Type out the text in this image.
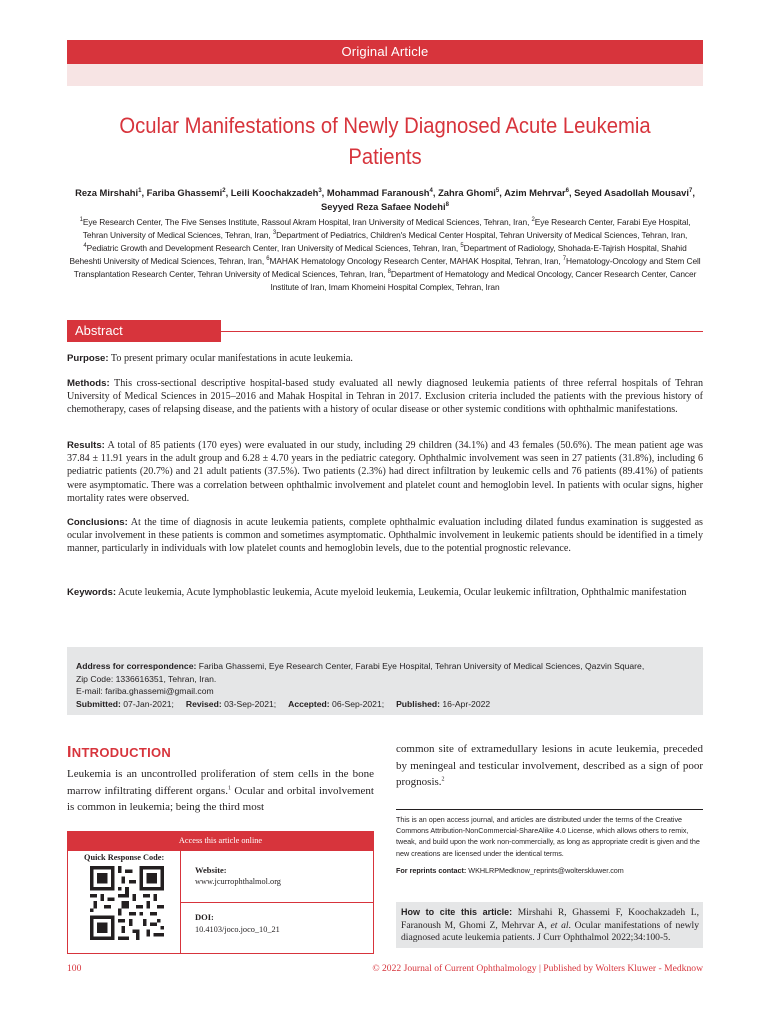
Original Article
Ocular Manifestations of Newly Diagnosed Acute Leukemia
Patients
Reza Mirshahi$^1$, Fariba Ghassemi$^2$, Leili Koochakzadeh$^3$, Mohammad Faranoush$^4$, Zahra Ghomi$^5$, Azim Mehrvar$^6$, Seyed Asadollah Mousavi$^7$,
Seyyed Reza Safaee Nodehi$^8$
$^1$Eye Research Center, The Five Senses Institute, Rassoul Akram Hospital, Iran University of Medical Sciences, Tehran, Iran, $^2$Eye Research Center, Farabi Eye Hospital, Tehran University of Medical Sciences, Tehran, Iran, $^3$Department of Pediatrics, Children's Medical Center Hospital, Tehran University of Medical Sciences, Tehran, Iran, $^4$Pediatric Growth and Development Research Center, Iran University of Medical Sciences, Tehran, Iran, $^5$Department of Radiology, Shohada-E-Tajrish Hospital, Shahid Beheshti University of Medical Sciences, Tehran, Iran, $^6$MAHAK Hematology Oncology Research Center, MAHAK Hospital, Tehran, Iran, $^7$Hematology-Oncology and Stem Cell Transplantation Research Center, Tehran University of Medical Sciences, Tehran, Iran, $^8$Department of Hematology and Medical Oncology, Cancer Research Center, Cancer Institute of Iran, Imam Khomeini Hospital Complex, Tehran, Iran
Abstract
Purpose: To present primary ocular manifestations in acute leukemia.
Methods: This cross-sectional descriptive hospital-based study evaluated all newly diagnosed leukemia patients of three referral hospitals of Tehran University of Medical Sciences in 2015–2016 and Mahak Hospital in Tehran in 2017. Exclusion criteria included the patients with the previous history of chemotherapy, cases of relapsing disease, and the patients with a history of ocular disease or other systemic conditions with ophthalmic manifestations.
Results: A total of 85 patients (170 eyes) were evaluated in our study, including 29 children (34.1%) and 43 females (50.6%). The mean patient age was 37.84 ± 11.91 years in the adult group and 6.28 ± 4.70 years in the pediatric category. Ophthalmic involvement was seen in 27 patients (31.8%), including 6 pediatric patients (20.7%) and 21 adult patients (37.5%). Two patients (2.3%) had direct infiltration by leukemic cells and 76 patients (89.41%) of patients were asymptomatic. There was a correlation between ophthalmic involvement and platelet count and hemoglobin level. In patients with ocular signs, higher mortality rates were observed.
Conclusions: At the time of diagnosis in acute leukemia patients, complete ophthalmic evaluation including dilated fundus examination is suggested as ocular involvement in these patients is common and sometimes asymptomatic. Ophthalmic involvement in leukemic patients should be identified in a timely manner, particularly in individuals with low platelet counts and hemoglobin levels, due to the potential prognostic relevance.
Keywords: Acute leukemia, Acute lymphoblastic leukemia, Acute myeloid leukemia, Leukemia, Ocular leukemic infiltration, Ophthalmic manifestation
Address for correspondence: Fariba Ghassemi, Eye Research Center, Farabi Eye Hospital, Tehran University of Medical Sciences, Qazvin Square,
Zip Code: 1336616351, Tehran, Iran.
E-mail: fariba.ghassemi@gmail.com
Submitted: 07-Jan-2021; Revised: 03-Sep-2021; Accepted: 06-Sep-2021; Published: 16-Apr-2022
INTRODUCTION
Leukemia is an uncontrolled proliferation of stem cells in the bone marrow infiltrating different organs.$^1$ Ocular and orbital involvement is common in leukemia; being the third most
common site of extramedullary lesions in acute leukemia, preceded by meningeal and testicular involvement, described as a sign of poor prognosis.$^2$
This is an open access journal, and articles are distributed under the terms of the Creative Commons Attribution-NonCommercial-ShareAlike 4.0 License, which allows others to remix, tweak, and build upon the work non-commercially, as long as appropriate credit is given and the new creations are licensed under the identical terms.
For reprints contact: WKHLRPMedknow_reprints@wolterskluwer.com
How to cite this article: Mirshahi R, Ghassemi F, Koochakzadeh L, Faranoush M, Ghomi Z, Mehrvar A, et al. Ocular manifestations of newly diagnosed acute leukemia patients. J Curr Ophthalmol 2022;34:100-5.
Access this article online
Quick Response Code:
Website:
www.jcurrophthalmol.org
DOI:
10.4103/joco.joco_10_21
100	© 2022 Journal of Current Ophthalmology | Published by Wolters Kluwer - Medknow
